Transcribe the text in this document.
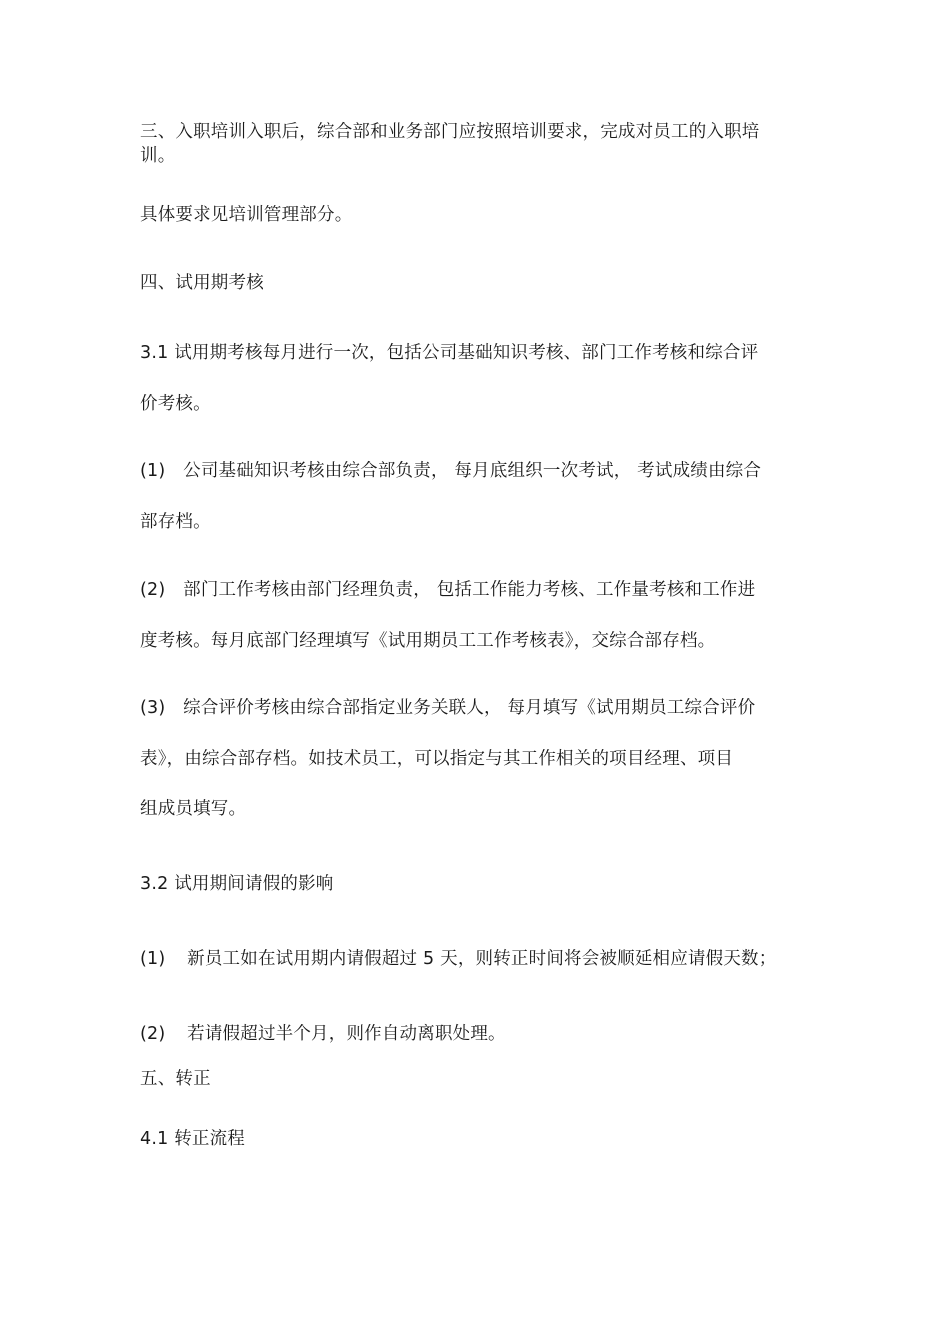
三、入职培训入职后，综合部和业务部门应按照培训要求，完成对员工的入职培
训。
具体要求见培训管理部分。
四、试用期考核
3.1 试用期考核每月进行一次，包括公司基础知识考核、部门工作考核和综合评
价考核。
(1) 公司基础知识考核由综合部负责， 每月底组织一次考试， 考试成绩由综合
部存档。
(2) 部门工作考核由部门经理负责， 包括工作能力考核、工作量考核和工作进
度考核。每月底部门经理填写《试用期员工工作考核表》，交综合部存档。
(3) 综合评价考核由综合部指定业务关联人， 每月填写《试用期员工综合评价
表》，由综合部存档。如技术员工，可以指定与其工作相关的项目经理、项目
组成员填写。
3.2 试用期间请假的影响
(1) 新员工如在试用期内请假超过 5 天，则转正时间将会被顺延相应请假天数；
(2) 若请假超过半个月，则作自动离职处理。
五、转正
4.1 转正流程
